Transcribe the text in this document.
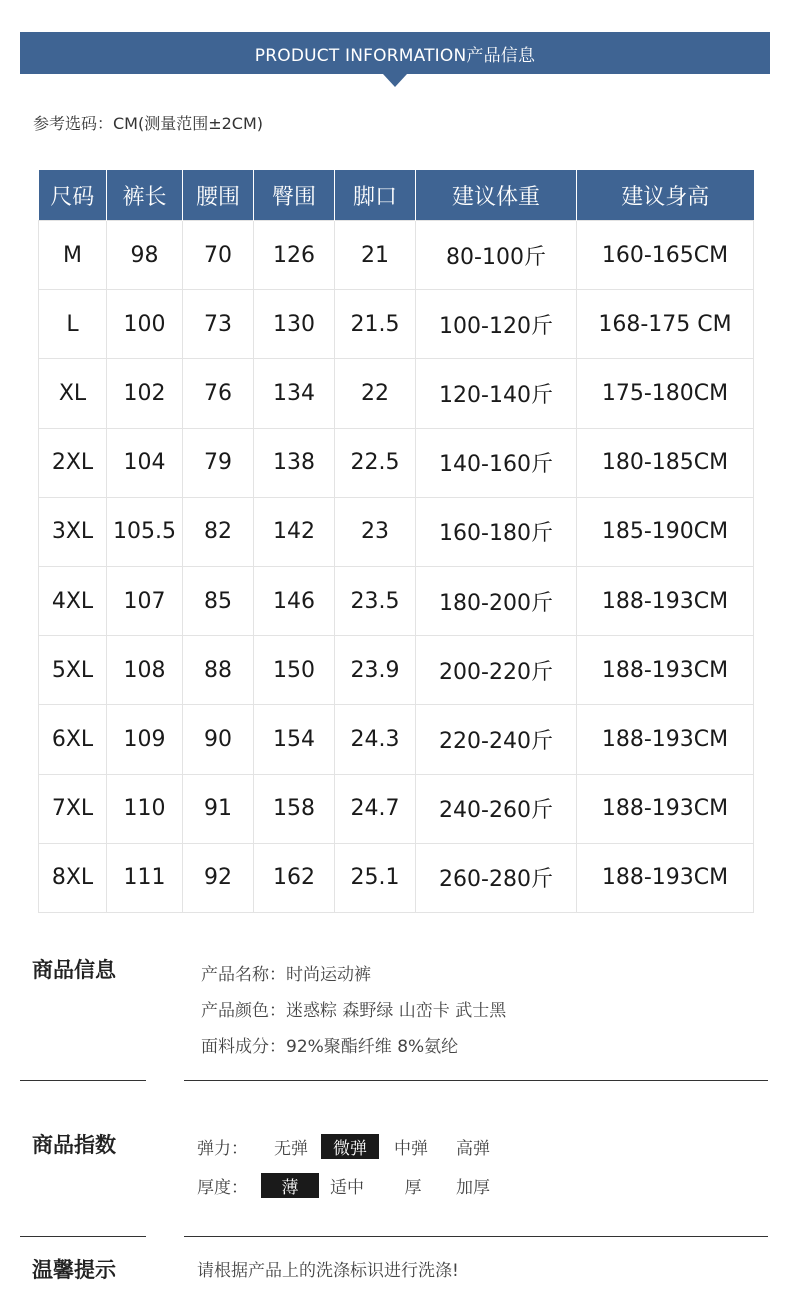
PRODUCT INFORMATION产品信息
参考选码：CM(测量范围±2CM)
尺码	裤长	腰围	臀围	脚口	建议体重	建议身高
M	98	70	126	21	80-100斤	160-165CM
L	100	73	130	21.5	100-120斤	168-175 CM
XL	102	76	134	22	120-140斤	175-180CM
2XL	104	79	138	22.5	140-160斤	180-185CM
3XL	105.5	82	142	23	160-180斤	185-190CM
4XL	107	85	146	23.5	180-200斤	188-193CM
5XL	108	88	150	23.9	200-220斤	188-193CM
6XL	109	90	154	24.3	220-240斤	188-193CM
7XL	110	91	158	24.7	240-260斤	188-193CM
8XL	111	92	162	25.1	260-280斤	188-193CM
商品信息	产品名称：时尚运动裤
产品颜色：迷惑粽 森野绿 山峦卡 武士黑
面料成分：92%聚酯纤维 8%氨纶
商品指数	弹力： 无弹	微弹	中弹 高弹
厚度：	薄	适中 厚 加厚
温馨提示	请根据产品上的洗涤标识进行洗涤!
